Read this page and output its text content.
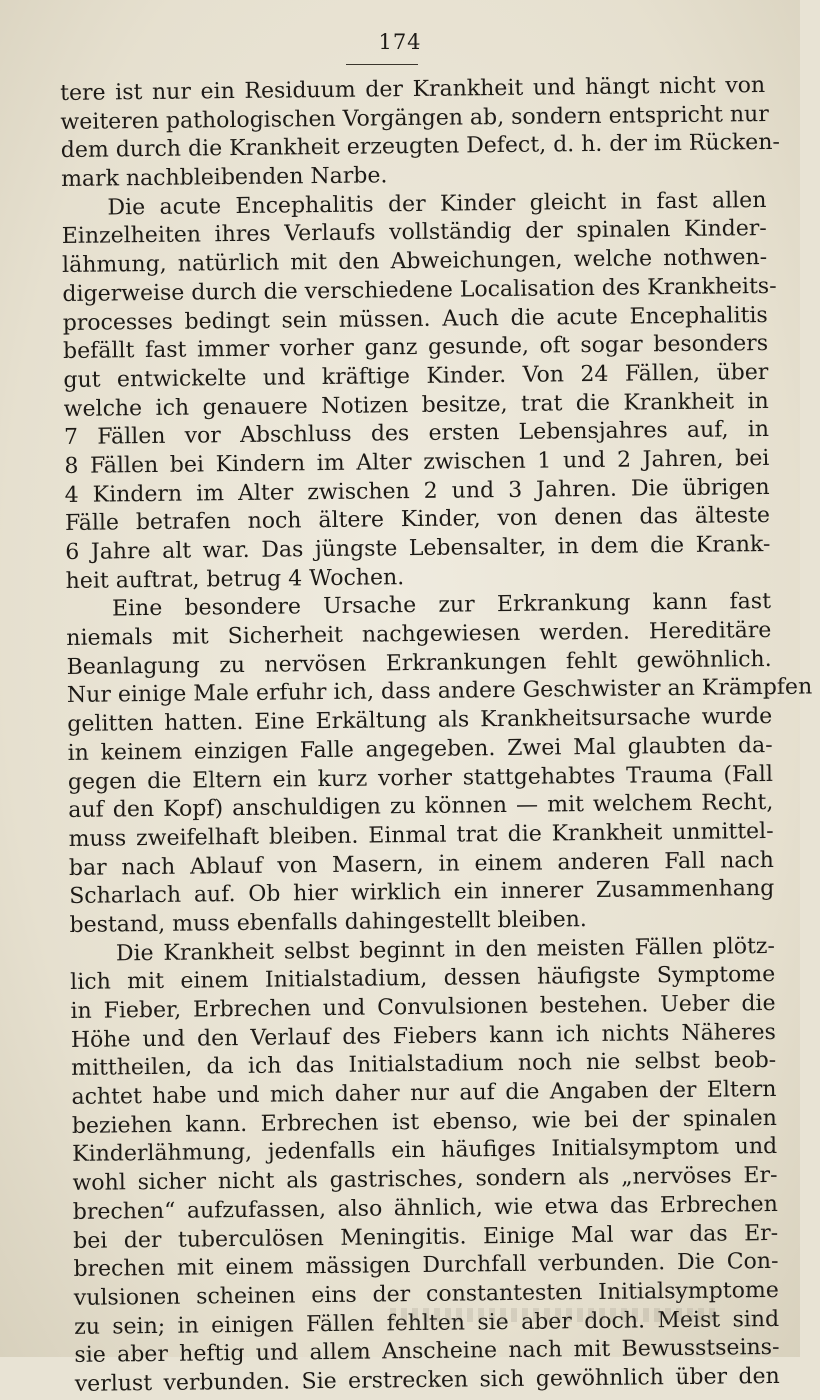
174
tere ist nur ein Residuum der Krankheit und hängt nicht von
weiteren pathologischen Vorgängen ab, sondern entspricht nur
dem durch die Krankheit erzeugten Defect, d. h. der im Rücken-
mark nachbleibenden Narbe.
Die acute Encephalitis der Kinder gleicht in fast allen
Einzelheiten ihres Verlaufs vollständig der spinalen Kinder-
lähmung, natürlich mit den Abweichungen, welche nothwen-
digerweise durch die verschiedene Localisation des Krankheits-
processes bedingt sein müssen. Auch die acute Encephalitis
befällt fast immer vorher ganz gesunde, oft sogar besonders
gut entwickelte und kräftige Kinder. Von 24 Fällen, über
welche ich genauere Notizen besitze, trat die Krankheit in
7 Fällen vor Abschluss des ersten Lebensjahres auf, in
8 Fällen bei Kindern im Alter zwischen 1 und 2 Jahren, bei
4 Kindern im Alter zwischen 2 und 3 Jahren. Die übrigen
Fälle betrafen noch ältere Kinder, von denen das älteste
6 Jahre alt war. Das jüngste Lebensalter, in dem die Krank-
heit auftrat, betrug 4 Wochen.
Eine besondere Ursache zur Erkrankung kann fast
niemals mit Sicherheit nachgewiesen werden. Hereditäre
Beanlagung zu nervösen Erkrankungen fehlt gewöhnlich.
Nur einige Male erfuhr ich, dass andere Geschwister an Krämpfen
gelitten hatten. Eine Erkältung als Krankheitsursache wurde
in keinem einzigen Falle angegeben. Zwei Mal glaubten da-
gegen die Eltern ein kurz vorher stattgehabtes Trauma (Fall
auf den Kopf) anschuldigen zu können — mit welchem Recht,
muss zweifelhaft bleiben. Einmal trat die Krankheit unmittel-
bar nach Ablauf von Masern, in einem anderen Fall nach
Scharlach auf. Ob hier wirklich ein innerer Zusammenhang
bestand, muss ebenfalls dahingestellt bleiben.
Die Krankheit selbst beginnt in den meisten Fällen plötz-
lich mit einem Initialstadium, dessen häufigste Symptome
in Fieber, Erbrechen und Convulsionen bestehen. Ueber die
Höhe und den Verlauf des Fiebers kann ich nichts Näheres
mittheilen, da ich das Initialstadium noch nie selbst beob-
achtet habe und mich daher nur auf die Angaben der Eltern
beziehen kann. Erbrechen ist ebenso, wie bei der spinalen
Kinderlähmung, jedenfalls ein häufiges Initialsymptom und
wohl sicher nicht als gastrisches, sondern als „nervöses Er-
brechen“ aufzufassen, also ähnlich, wie etwa das Erbrechen
bei der tuberculösen Meningitis. Einige Mal war das Er-
brechen mit einem mässigen Durchfall verbunden. Die Con-
vulsionen scheinen eins der constantesten Initialsymptome
zu sein; in einigen Fällen fehlten sie aber doch. Meist sind
sie aber heftig und allem Anscheine nach mit Bewusstseins-
verlust verbunden. Sie erstrecken sich gewöhnlich über den
